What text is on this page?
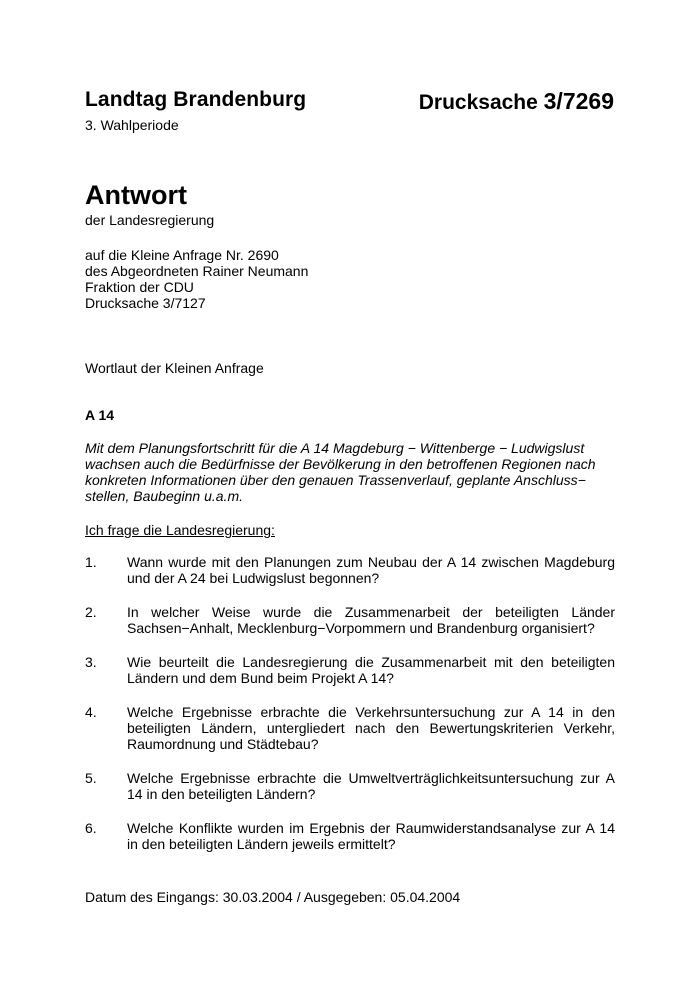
Landtag Brandenburg	Drucksache 3/7269
3. Wahlperiode
Antwort
der Landesregierung
auf die Kleine Anfrage Nr. 2690
des Abgeordneten Rainer Neumann
Fraktion der CDU
Drucksache 3/7127
Wortlaut der Kleinen Anfrage
A 14
Mit dem Planungsfortschritt für die A 14 Magdeburg − Wittenberge − Ludwigslust
wachsen auch die Bedürfnisse der Bevölkerung in den betroffenen Regionen nach
konkreten Informationen über den genauen Trassenverlauf, geplante Anschluss−
stellen, Baubeginn u.a.m.
Ich frage die Landesregierung:
1.	Wann wurde mit den Planungen zum Neubau der A 14 zwischen Magdeburg und der A 24 bei Ludwigslust begonnen?
2.	In welcher Weise wurde die Zusammenarbeit der beteiligten Länder Sachsen−Anhalt, Mecklenburg−Vorpommern und Brandenburg organisiert?
3.	Wie beurteilt die Landesregierung die Zusammenarbeit mit den beteiligten Ländern und dem Bund beim Projekt A 14?
4.	Welche Ergebnisse erbrachte die Verkehrsuntersuchung zur A 14 in den beteiligten Ländern, untergliedert nach den Bewertungskriterien Verkehr, Raumordnung und Städtebau?
5.	Welche Ergebnisse erbrachte die Umweltverträglichkeitsuntersuchung zur A 14 in den beteiligten Ländern?
6.	Welche Konflikte wurden im Ergebnis der Raumwiderstandsanalyse zur A 14 in den beteiligten Ländern jeweils ermittelt?
Datum des Eingangs: 30.03.2004 / Ausgegeben: 05.04.2004
